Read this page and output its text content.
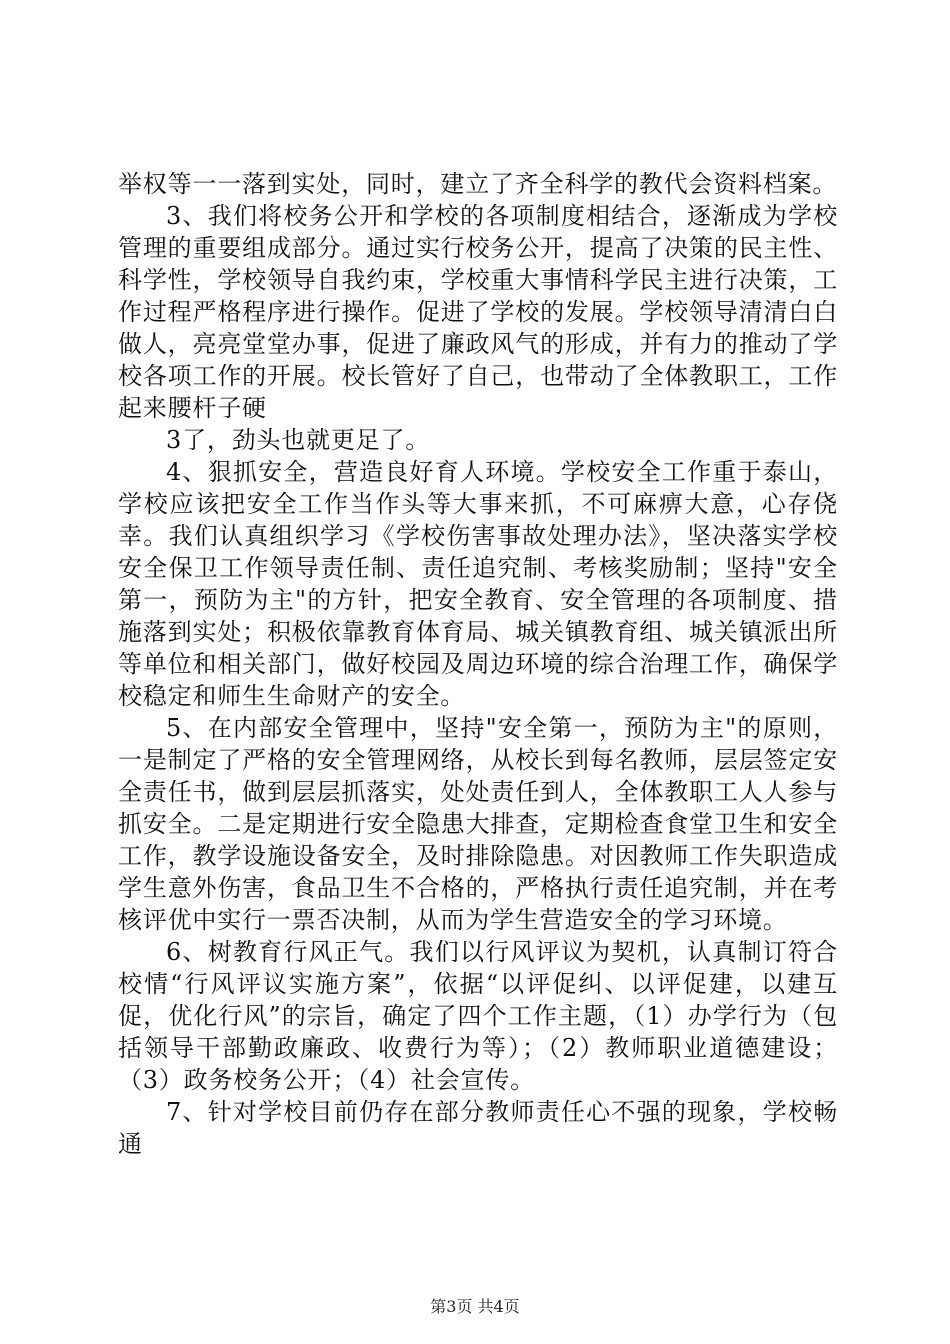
举权等一一落到实处，同时，建立了齐全科学的教代会资料档案。

3、我们将校务公开和学校的各项制度相结合，逐渐成为学校管理的重要组成部分。通过实行校务公开，提高了决策的民主性、科学性，学校领导自我约束，学校重大事情科学民主进行决策，工作过程严格程序进行操作。促进了学校的发展。学校领导清清白白做人，亮亮堂堂办事，促进了廉政风气的形成，并有力的推动了学校各项工作的开展。校长管好了自己，也带动了全体教职工，工作起来腰杆子硬

3了，劲头也就更足了。

4、狠抓安全，营造良好育人环境。学校安全工作重于泰山，学校应该把安全工作当作头等大事来抓，不可麻痹大意，心存侥幸。我们认真组织学习《学校伤害事故处理办法》，坚决落实学校安全保卫工作领导责任制、责任追究制、考核奖励制；坚持"安全第一，预防为主"的方针，把安全教育、安全管理的各项制度、措施落到实处；积极依靠教育体育局、城关镇教育组、城关镇派出所等单位和相关部门，做好校园及周边环境的综合治理工作，确保学校稳定和师生生命财产的安全。

5、在内部安全管理中，坚持"安全第一，预防为主"的原则，一是制定了严格的安全管理网络，从校长到每名教师，层层签定安全责任书，做到层层抓落实，处处责任到人，全体教职工人人参与抓安全。二是定期进行安全隐患大排查，定期检查食堂卫生和安全工作，教学设施设备安全，及时排除隐患。对因教师工作失职造成学生意外伤害，食品卫生不合格的，严格执行责任追究制，并在考核评优中实行一票否决制，从而为学生营造安全的学习环境。

6、树教育行风正气。我们以行风评议为契机，认真制订符合校情“行风评议实施方案”，依据“以评促纠、以评促建，以建互促，优化行风”的宗旨，确定了四个工作主题，（1）办学行为（包括领导干部勤政廉政、收费行为等）；（2）教师职业道德建设；（3）政务校务公开；（4）社会宣传。

7、针对学校目前仍存在部分教师责任心不强的现象，学校畅通

第3页 共4页
